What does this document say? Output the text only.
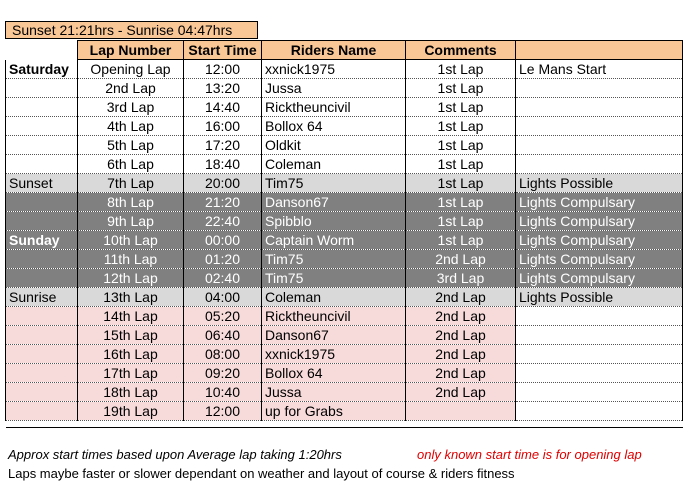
Sunset 21:21hrs - Sunrise 04:47hrs
	Lap Number	Start Time	Riders Name	Comments	
Saturday	Opening Lap	12:00	xxnick1975	1st Lap	Le Mans Start
	2nd Lap	13:20	Jussa	1st Lap	
	3rd Lap	14:40	Ricktheuncivil	1st Lap	
	4th Lap	16:00	Bollox 64	1st Lap	
	5th Lap	17:20	Oldkit	1st Lap	
	6th Lap	18:40	Coleman	1st Lap	
Sunset	7th Lap	20:00	Tim75	1st Lap	Lights Possible
	8th Lap	21:20	Danson67	1st Lap	Lights Compulsary
	9th Lap	22:40	Spibblo	1st Lap	Lights Compulsary
Sunday	10th Lap	00:00	Captain Worm	1st Lap	Lights Compulsary
	11th Lap	01:20	Tim75	2nd Lap	Lights Compulsary
	12th Lap	02:40	Tim75	3rd Lap	Lights Compulsary
Sunrise	13th Lap	04:00	Coleman	2nd Lap	Lights Possible
	14th Lap	05:20	Ricktheuncivil	2nd Lap	
	15th Lap	06:40	Danson67	2nd Lap	
	16th Lap	08:00	xxnick1975	2nd Lap	
	17th Lap	09:20	Bollox 64	2nd Lap	
	18th Lap	10:40	Jussa	2nd Lap	
	19th Lap	12:00	up for Grabs		

Approx start times based upon Average lap taking 1:20hrs	only known start time is for opening lap
Laps maybe faster or slower dependant on weather and layout of course & riders fitness
